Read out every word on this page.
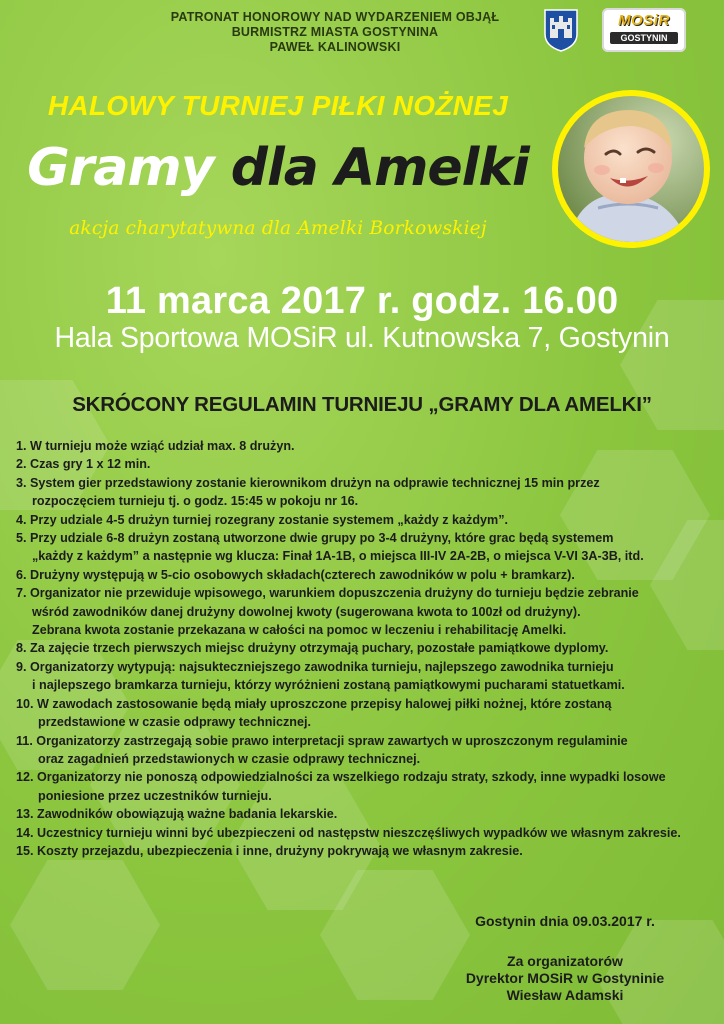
PATRONAT HONOROWY NAD WYDARZENIEM OBJĄŁ
BURMISTRZ MIASTA GOSTYNINA
PAWEŁ KALINOWSKI
MOSiR
GOSTYNIN
HALOWY TURNIEJ PIŁKI NOŻNEJ
Gramy dla Amelki
akcja charytatywna dla Amelki Borkowskiej
11 marca 2017 r. godz. 16.00
Hala Sportowa MOSiR ul. Kutnowska 7, Gostynin
SKRÓCONY REGULAMIN TURNIEJU „GRAMY DLA AMELKI”
1. W turnieju może wziąć udział max. 8 drużyn.
2. Czas gry 1 x 12 min.
3. System gier przedstawiony zostanie kierownikom drużyn na odprawie technicznej 15 min przez
rozpoczęciem turnieju tj. o godz. 15:45 w pokoju nr 16.
4. Przy udziale 4-5 drużyn turniej rozegrany zostanie systemem „każdy z każdym”.
5. Przy udziale 6-8 drużyn zostaną utworzone dwie grupy po 3-4 drużyny, które grac będą systemem
„każdy z każdym” a następnie wg klucza: Finał 1A-1B, o miejsca III-IV 2A-2B, o miejsca V-VI 3A-3B, itd.
6. Drużyny występują w 5-cio osobowych składach(czterech zawodników w polu + bramkarz).
7. Organizator nie przewiduje wpisowego, warunkiem dopuszczenia drużyny do turnieju będzie zebranie
wśród zawodników danej drużyny dowolnej kwoty (sugerowana kwota to 100zł od drużyny).
Zebrana kwota zostanie przekazana w całości na pomoc w leczeniu i rehabilitację Amelki.
8. Za zajęcie trzech pierwszych miejsc drużyny otrzymają puchary, pozostałe pamiątkowe dyplomy.
9. Organizatorzy wytypują: najsukteczniejszego zawodnika turnieju, najlepszego zawodnika turnieju
i najlepszego bramkarza turnieju, którzy wyróżnieni zostaną pamiątkowymi pucharami statuetkami.
10. W zawodach zastosowanie będą miały uproszczone przepisy halowej piłki nożnej, które zostaną
przedstawione w czasie odprawy technicznej.
11. Organizatorzy zastrzegają sobie prawo interpretacji spraw zawartych w uproszczonym regulaminie
oraz zagadnień przedstawionych w czasie odprawy technicznej.
12. Organizatorzy nie ponoszą odpowiedzialności za wszelkiego rodzaju straty, szkody, inne wypadki losowe
poniesione przez uczestników turnieju.
13. Zawodników obowiązują ważne badania lekarskie.
14. Uczestnicy turnieju winni być ubezpieczeni od następstw nieszczęśliwych wypadków we własnym zakresie.
15. Koszty przejazdu, ubezpieczenia i inne, drużyny pokrywają we własnym zakresie.
Gostynin dnia 09.03.2017 r.
Za organizatorów
Dyrektor MOSiR w Gostyninie
Wiesław Adamski
